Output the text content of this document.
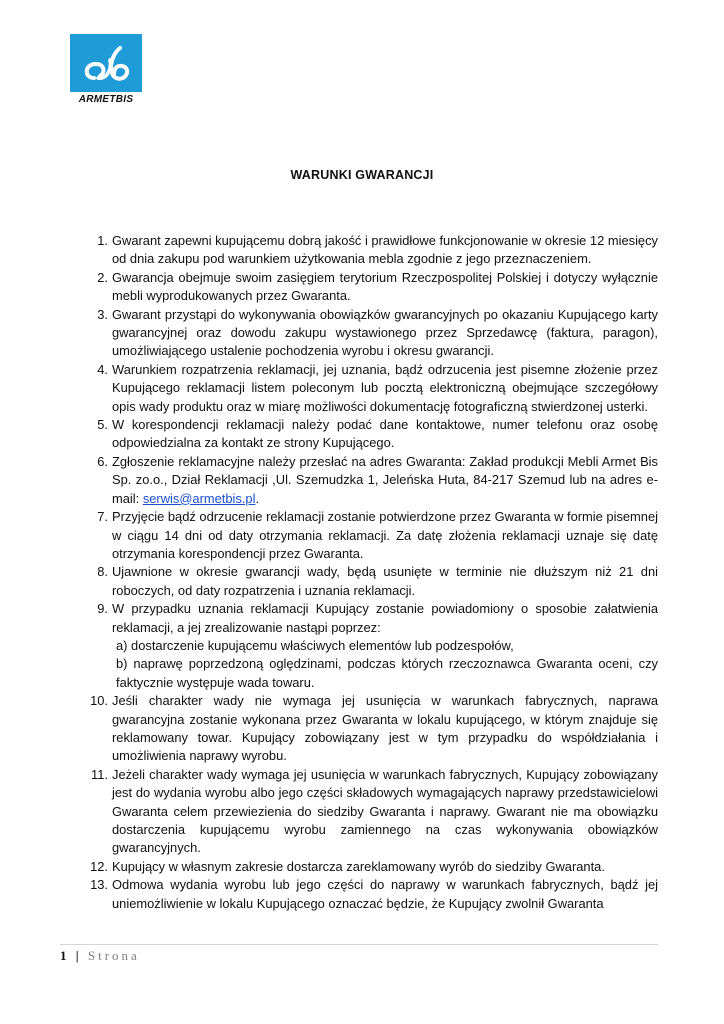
ARMETBIS
WARUNKI GWARANCJI
1. Gwarant zapewni kupującemu dobrą jakość i prawidłowe funkcjonowanie w okresie 12 miesięcy od dnia zakupu pod warunkiem użytkowania mebla zgodnie z jego przeznaczeniem.
2. Gwarancja obejmuje swoim zasięgiem terytorium Rzeczpospolitej Polskiej i dotyczy wyłącznie mebli wyprodukowanych przez Gwaranta.
3. Gwarant przystąpi do wykonywania obowiązków gwarancyjnych po okazaniu Kupującego karty gwarancyjnej oraz dowodu zakupu wystawionego przez Sprzedawcę (faktura, paragon), umożliwiającego ustalenie pochodzenia wyrobu i okresu gwarancji.
4. Warunkiem rozpatrzenia reklamacji, jej uznania, bądź odrzucenia jest pisemne złożenie przez Kupującego reklamacji listem poleconym lub pocztą elektroniczną obejmujące szczegółowy opis wady produktu oraz w miarę możliwości dokumentację fotograficzną stwierdzonej usterki.
5. W korespondencji reklamacji należy podać dane kontaktowe, numer telefonu oraz osobę odpowiedzialna za kontakt ze strony Kupującego.
6. Zgłoszenie reklamacyjne należy przesłać na adres Gwaranta: Zakład produkcji Mebli Armet Bis Sp. zo.o., Dział Reklamacji ,Ul. Szemudzka 1, Jeleńska Huta, 84-217 Szemud lub na adres e-mail: serwis@armetbis.pl.
7. Przyjęcie bądź odrzucenie reklamacji zostanie potwierdzone przez Gwaranta w formie pisemnej w ciągu 14 dni od daty otrzymania reklamacji. Za datę złożenia reklamacji uznaje się datę otrzymania korespondencji przez Gwaranta.
8. Ujawnione w okresie gwarancji wady, będą usunięte w terminie nie dłuższym niż 21 dni roboczych, od daty rozpatrzenia i uznania reklamacji.
9. W przypadku uznania reklamacji Kupujący zostanie powiadomiony o sposobie załatwienia reklamacji, a jej zrealizowanie nastąpi poprzez:
a) dostarczenie kupującemu właściwych elementów lub podzespołów,
b) naprawę poprzedzoną oględzinami, podczas których rzeczoznawca Gwaranta oceni, czy faktycznie występuje wada towaru.
10. Jeśli charakter wady nie wymaga jej usunięcia w warunkach fabrycznych, naprawa gwarancyjna zostanie wykonana przez Gwaranta w lokalu kupującego, w którym znajduje się reklamowany towar. Kupujący zobowiązany jest w tym przypadku do współdziałania i umożliwienia naprawy wyrobu.
11. Jeżeli charakter wady wymaga jej usunięcia w warunkach fabrycznych, Kupujący zobowiązany jest do wydania wyrobu albo jego części składowych wymagających naprawy przedstawicielowi Gwaranta celem przewiezienia do siedziby Gwaranta i naprawy. Gwarant nie ma obowiązku dostarczenia kupującemu wyrobu zamiennego na czas wykonywania obowiązków gwarancyjnych.
12. Kupujący w własnym zakresie dostarcza zareklamowany wyrób do siedziby Gwaranta.
13. Odmowa wydania wyrobu lub jego części do naprawy w warunkach fabrycznych, bądź jej uniemożliwienie w lokalu Kupującego oznaczać będzie, że Kupujący zwolnił Gwaranta
1 | Strona
